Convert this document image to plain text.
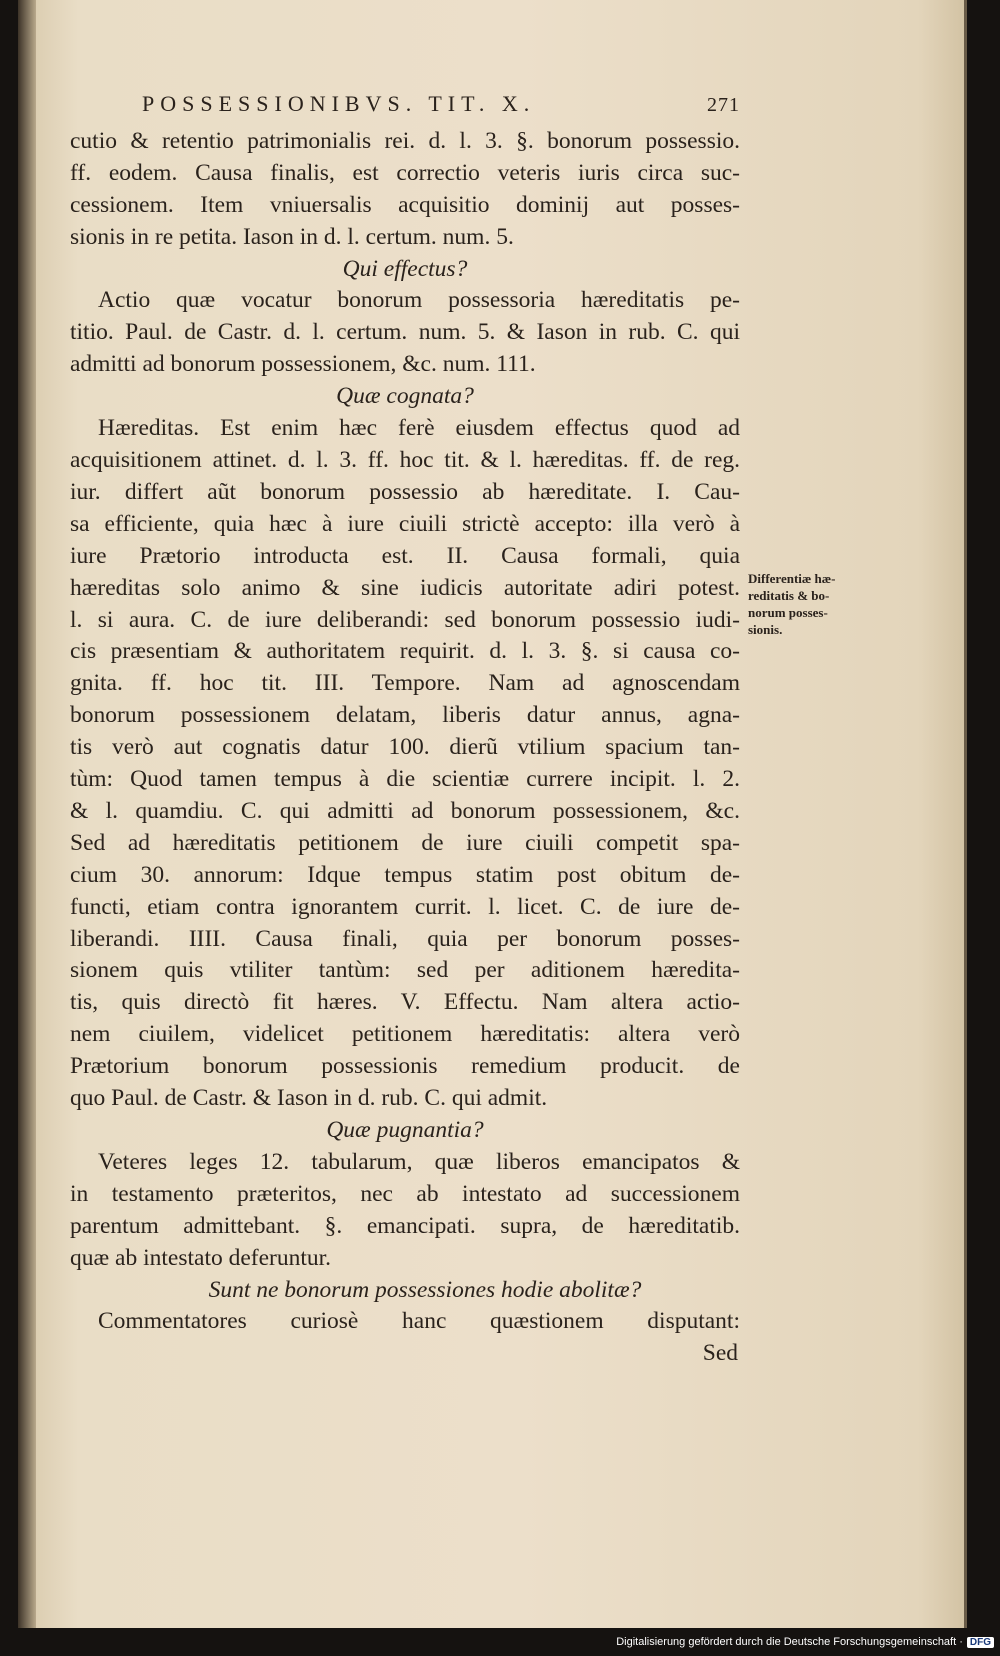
POSSESSIONIBVS. TIT. X.	271
cutio & retentio patrimonialis rei. d. l. 3. §. bonorum possessio.
ff. eodem. Causa finalis, est correctio veteris iuris circa suc-
cessionem. Item vniuersalis acquisitio dominij aut posses-
sionis in re petita. Iason in d. l. certum. num. 5.
Qui effectus?
Actio quæ vocatur bonorum possessoria hæreditatis pe-
titio. Paul. de Castr. d. l. certum. num. 5. & Iason in rub. C. qui
admitti ad bonorum possessionem, &c. num. 111.
Quæ cognata?
Hæreditas. Est enim hæc ferè eiusdem effectus quod ad
acquisitionem attinet. d. l. 3. ff. hoc tit. & l. hæreditas. ff. de reg.
iur. differt aũt bonorum possessio ab hæreditate. I. Cau-
sa efficiente, quia hæc à iure ciuili strictè accepto: illa verò à
iure Prætorio introducta est. II. Causa formali, quia
hæreditas solo animo & sine iudicis autoritate adiri potest.
l. si aura. C. de iure deliberandi: sed bonorum possessio iudi-
cis præsentiam & authoritatem requirit. d. l. 3. §. si causa co-
gnita. ff. hoc tit. III. Tempore. Nam ad agnoscendam
bonorum possessionem delatam, liberis datur annus, agna-
tis verò aut cognatis datur 100. dierũ vtilium spacium tan-
tùm: Quod tamen tempus à die scientiæ currere incipit. l. 2.
& l. quamdiu. C. qui admitti ad bonorum possessionem, &c.
Sed ad hæreditatis petitionem de iure ciuili competit spa-
cium 30. annorum: Idque tempus statim post obitum de-
functi, etiam contra ignorantem currit. l. licet. C. de iure de-
liberandi. IIII. Causa finali, quia per bonorum posses-
sionem quis vtiliter tantùm: sed per aditionem hæredita-
tis, quis directò fit hæres. V. Effectu. Nam altera actio-
nem ciuilem, videlicet petitionem hæreditatis: altera verò
Prætorium bonorum possessionis remedium producit. de
quo Paul. de Castr. & Iason in d. rub. C. qui admit.
Quæ pugnantia?
Veteres leges 12. tabularum, quæ liberos emancipatos &
in testamento præteritos, nec ab intestato ad successionem
parentum admittebant. §. emancipati. supra, de hæreditatib.
quæ ab intestato deferuntur.
Sunt ne bonorum possessiones hodie abolitæ?
Commentatores curiosè hanc quæstionem disputant:
Sed
Differentiæ hæ-
reditatis & bo-
norum posses-
sionis.
Digitalisierung gefördert durch die Deutsche Forschungsgemeinschaft · DFG
